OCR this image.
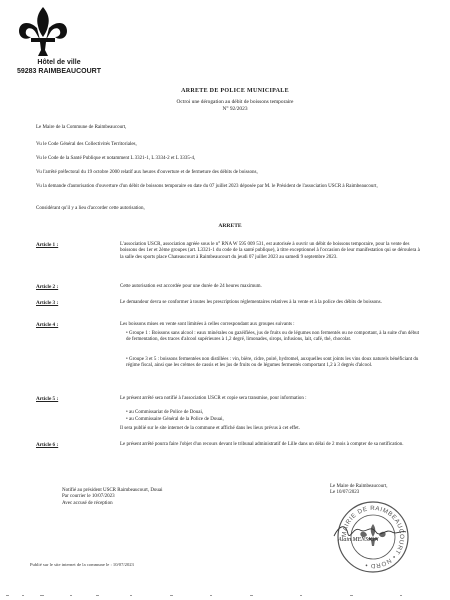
Hôtel de ville
59283 RAIMBEAUCOURT
ARRETE DE POLICE MUNICIPALE
Octroi une dérogation au débit de boissons temporaire
N° 92/2023
Le Maire de la Commune de Raimbeaucourt,
Vu le Code Général des Collectivités Territoriales,
Vu le Code de la Santé Publique et notamment L 3321-1, L 3334-2 et L 3335-4,
Vu l'arrêté préfectoral du 19 octobre 2000 relatif aux heures d'ouverture et de fermeture des débits de boissons,
Vu la demande d'autorisation d'ouverture d'un débit de boissons temporaire en date du 07 juillet 2023 déposée par M. le Président de l'association USCR à Raimbeaucourt,
Considérant qu'il y a lieu d'accorder cette autorisation,
ARRETE
Article 1 :	L'association USCR, association agréée sous le n° RNA W 595 009 531, est autorisée à ouvrir un débit de boissons temporaire, pour la vente des boissons des 1er et 2ème groupes (art. L3321-1 du code de la santé publique), à titre exceptionnel à l'occasion de leur manifestation qui se déroulera à la salle des sports place Chateaucourt à Raimbeaucourt du jeudi 07 juillet 2023 au samedi 9 septembre 2023.
Article 2 :	Cette autorisation est accordée pour une durée de 24 heures maximum.
Article 3 :	Le demandeur devra se conformer à toutes les prescriptions réglementaires relatives à la vente et à la police des débits de boissons.
Article 4 :	Les boissons mises en vente sont limitées à celles correspondant aux groupes suivants :
• Groupe 1 : Boissons sans alcool : eaux minérales ou gazéifiées, jus de fruits ou de légumes non fermentés ou ne comportant, à la suite d'un début de fermentation, des traces d'alcool supérieures à 1,2 degré, limonades, sirops, infusions, lait, café, thé, chocolat.
• Groupe 3 et 5 : boissons fermentées non distillées : vin, bière, cidre, poiré, hydromel, auxquelles sont joints les vins doux naturels bénéficiant du régime fiscal, ainsi que les crèmes de cassis et les jus de fruits ou de légumes fermentés comportant 1,2 à 3 degrés d'alcool.
Article 5 :	Le présent arrêté sera notifié à l'association USCR et copie sera transmise, pour information :
• au Commissariat de Police de Douai,
• au Commissaire Général de la Police de Douai,
Il sera publié sur le site internet de la commune et affiché dans les lieux prévus à cet effet.
Article 6 :	Le présent arrêté pourra faire l'objet d'un recours devant le tribunal administratif de Lille dans un délai de 2 mois à compter de sa notification.
Notifié au président USCR Raimbeaucourt, Douai
Par courrier le 10/07/2023
Avec accusé de réception
Le Maire de Raimbeaucourt,
Le 10/07/2023
MAIRIE DE RAIMBEAUCOURT • NORD •
Alain MENSION
Publié sur le site internet de la commune le : 10/07/2023
